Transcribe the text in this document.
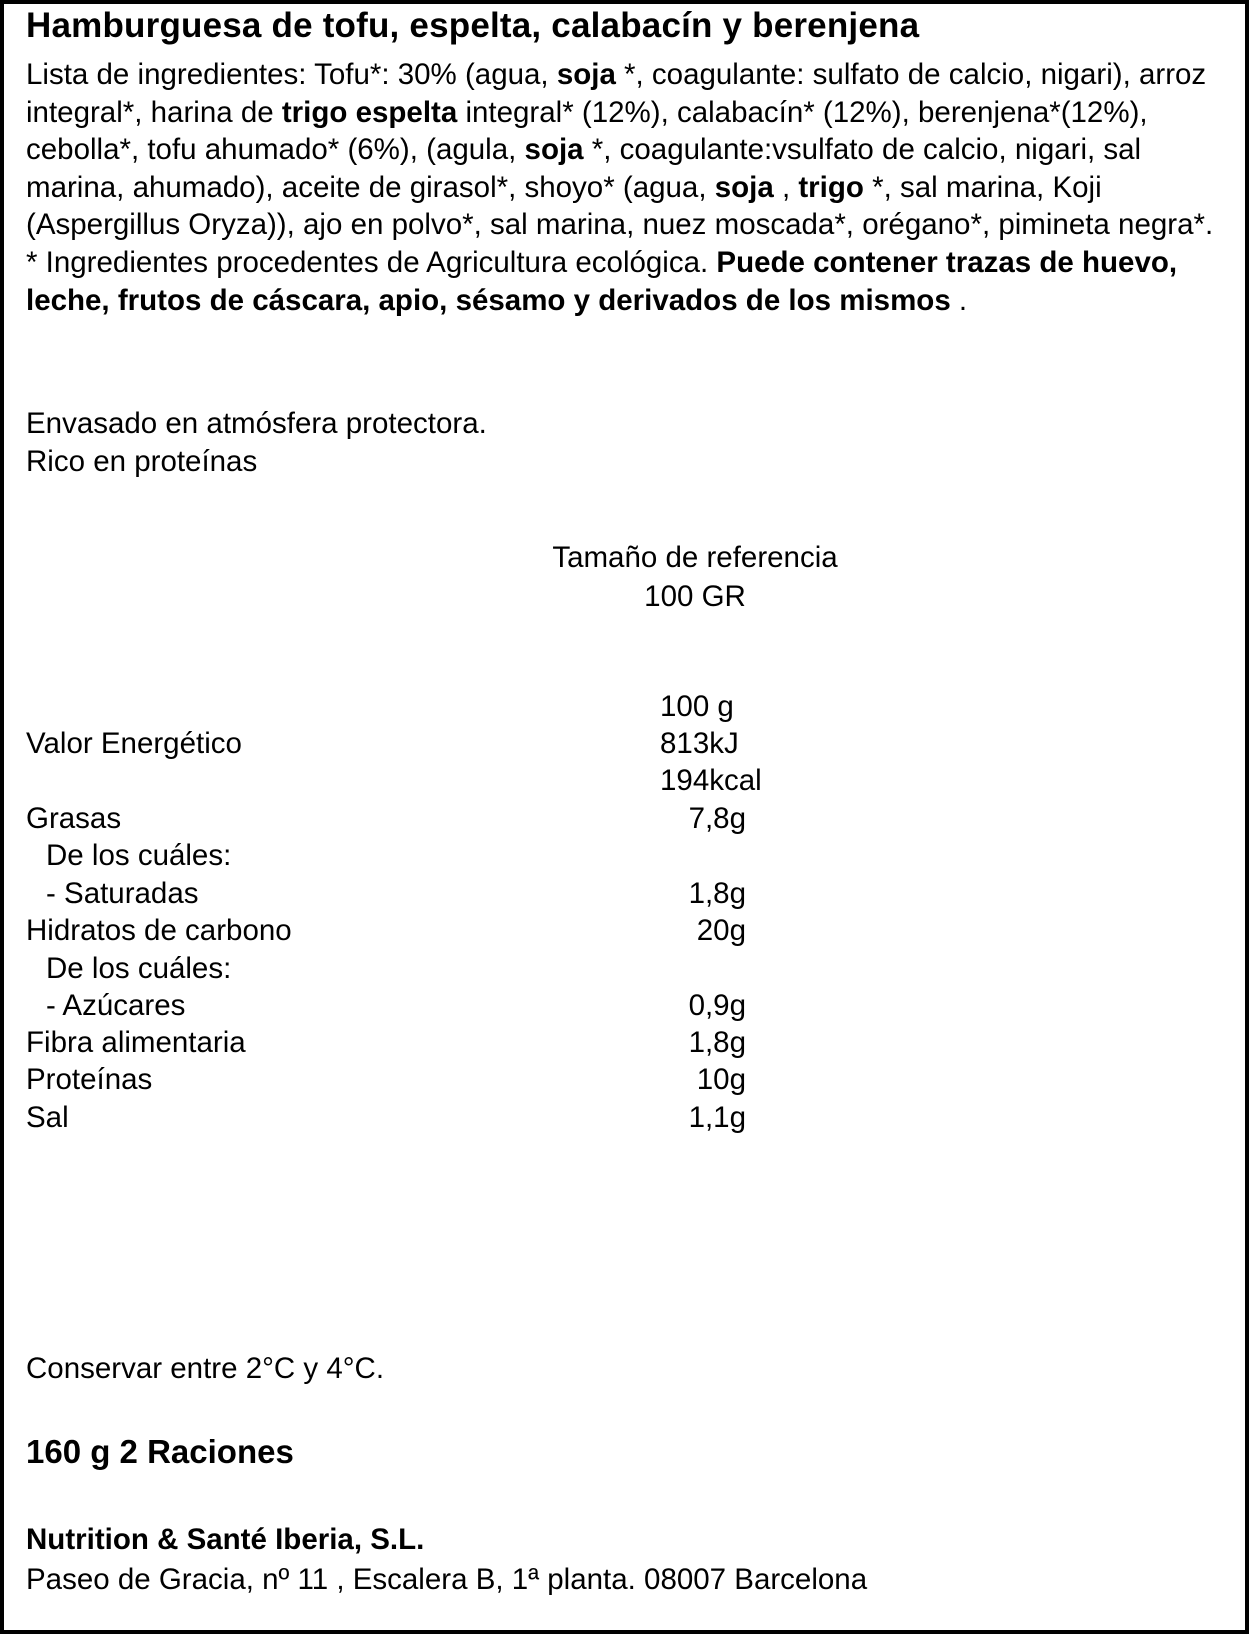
Hamburguesa de tofu, espelta, calabacín y berenjena
Lista de ingredientes: Tofu*: 30% (agua, soja *, coagulante: sulfato de calcio, nigari), arroz integral*, harina de trigo espelta integral* (12%), calabacín* (12%), berenjena*(12%), cebolla*, tofu ahumado* (6%), (agula, soja *, coagulante:vsulfato de calcio, nigari, sal marina, ahumado), aceite de girasol*, shoyo* (agua, soja , trigo *, sal marina, Koji (Aspergillus Oryza)), ajo en polvo*, sal marina, nuez moscada*, orégano*, pimineta negra*. * Ingredientes procedentes de Agricultura ecológica. Puede contener trazas de huevo, leche, frutos de cáscara, apio, sésamo y derivados de los mismos .
Envasado en atmósfera protectora.
Rico en proteínas
Tamaño de referencia
100 GR
100 g
Valor Energético	813kJ
194kcal
Grasas	7,8g
De los cuáles:
- Saturadas	1,8g
Hidratos de carbono	20g
De los cuáles:
- Azúcares	0,9g
Fibra alimentaria	1,8g
Proteínas	10g
Sal	1,1g
Conservar entre 2°C y 4°C.
160 g 2 Raciones
Nutrition & Santé Iberia, S.L.
Paseo de Gracia, nº 11 , Escalera B, 1ª planta. 08007 Barcelona
